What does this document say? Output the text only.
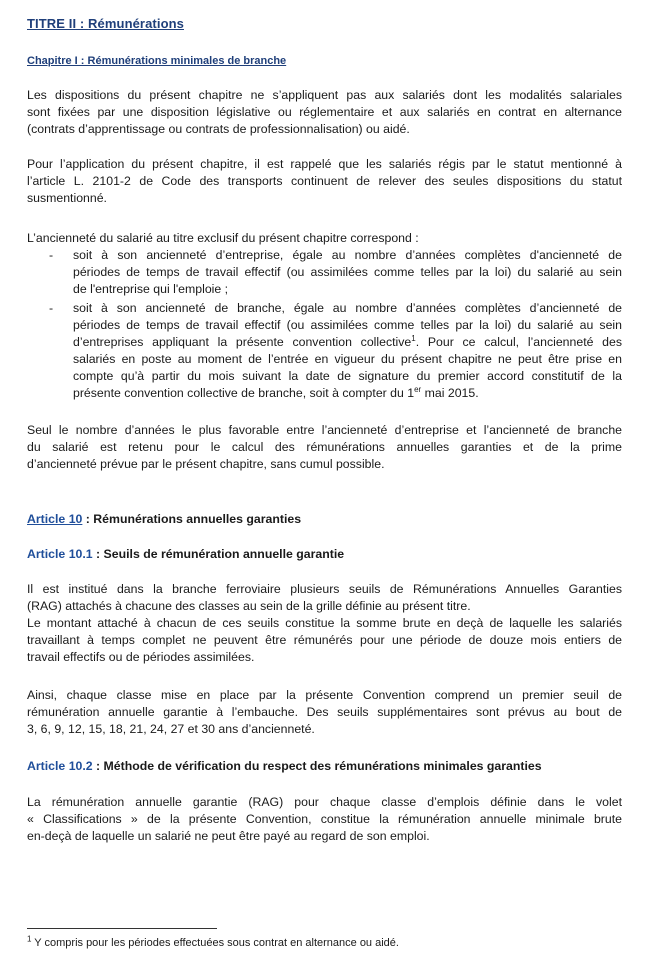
TITRE II : Rémunérations
Chapitre I : Rémunérations minimales de branche
Les dispositions du présent chapitre ne s’appliquent pas aux salariés dont les modalités salariales
sont fixées par une disposition législative ou réglementaire et aux salariés en contrat en alternance
(contrats d’apprentissage ou contrats de professionnalisation) ou aidé.
Pour l’application du présent chapitre, il est rappelé que les salariés régis par le statut mentionné à
l’article L. 2101-2 de Code des transports continuent de relever des seules dispositions du statut
susmentionné.
L’ancienneté du salarié au titre exclusif du présent chapitre correspond :
- soit à son ancienneté d’entreprise, égale au nombre d’années complètes d'ancienneté de
périodes de temps de travail effectif (ou assimilées comme telles par la loi) du salarié au sein
de l'entreprise qui l'emploie ;
- soit à son ancienneté de branche, égale au nombre d’années complètes d’ancienneté de
périodes de temps de travail effectif (ou assimilées comme telles par la loi) du salarié au sein
d’entreprises appliquant la présente convention collective$^1$. Pour ce calcul, l’ancienneté des
salariés en poste au moment de l’entrée en vigueur du présent chapitre ne peut être prise en
compte qu’à partir du mois suivant la date de signature du premier accord constitutif de la
présente convention collective de branche, soit à compter du 1er mai 2015.
Seul le nombre d’années le plus favorable entre l’ancienneté d’entreprise et l’ancienneté de branche
du salarié est retenu pour le calcul des rémunérations annuelles garanties et de la prime
d’ancienneté prévue par le présent chapitre, sans cumul possible.
Article 10 : Rémunérations annuelles garanties
Article 10.1 : Seuils de rémunération annuelle garantie
Il est institué dans la branche ferroviaire plusieurs seuils de Rémunérations Annuelles Garanties
(RAG) attachés à chacune des classes au sein de la grille définie au présent titre.
Le montant attaché à chacun de ces seuils constitue la somme brute en deçà de laquelle les salariés
travaillant à temps complet ne peuvent être rémunérés pour une période de douze mois entiers de
travail effectifs ou de périodes assimilées.
Ainsi, chaque classe mise en place par la présente Convention comprend un premier seuil de
rémunération annuelle garantie à l’embauche. Des seuils supplémentaires sont prévus au bout de
3, 6, 9, 12, 15, 18, 21, 24, 27 et 30 ans d’ancienneté.
Article 10.2 : Méthode de vérification du respect des rémunérations minimales garanties
La rémunération annuelle garantie (RAG) pour chaque classe d’emplois définie dans le volet
« Classifications » de la présente Convention, constitue la rémunération annuelle minimale brute
en-deçà de laquelle un salarié ne peut être payé au regard de son emploi.
$^1$ Y compris pour les périodes effectuées sous contrat en alternance ou aidé.
